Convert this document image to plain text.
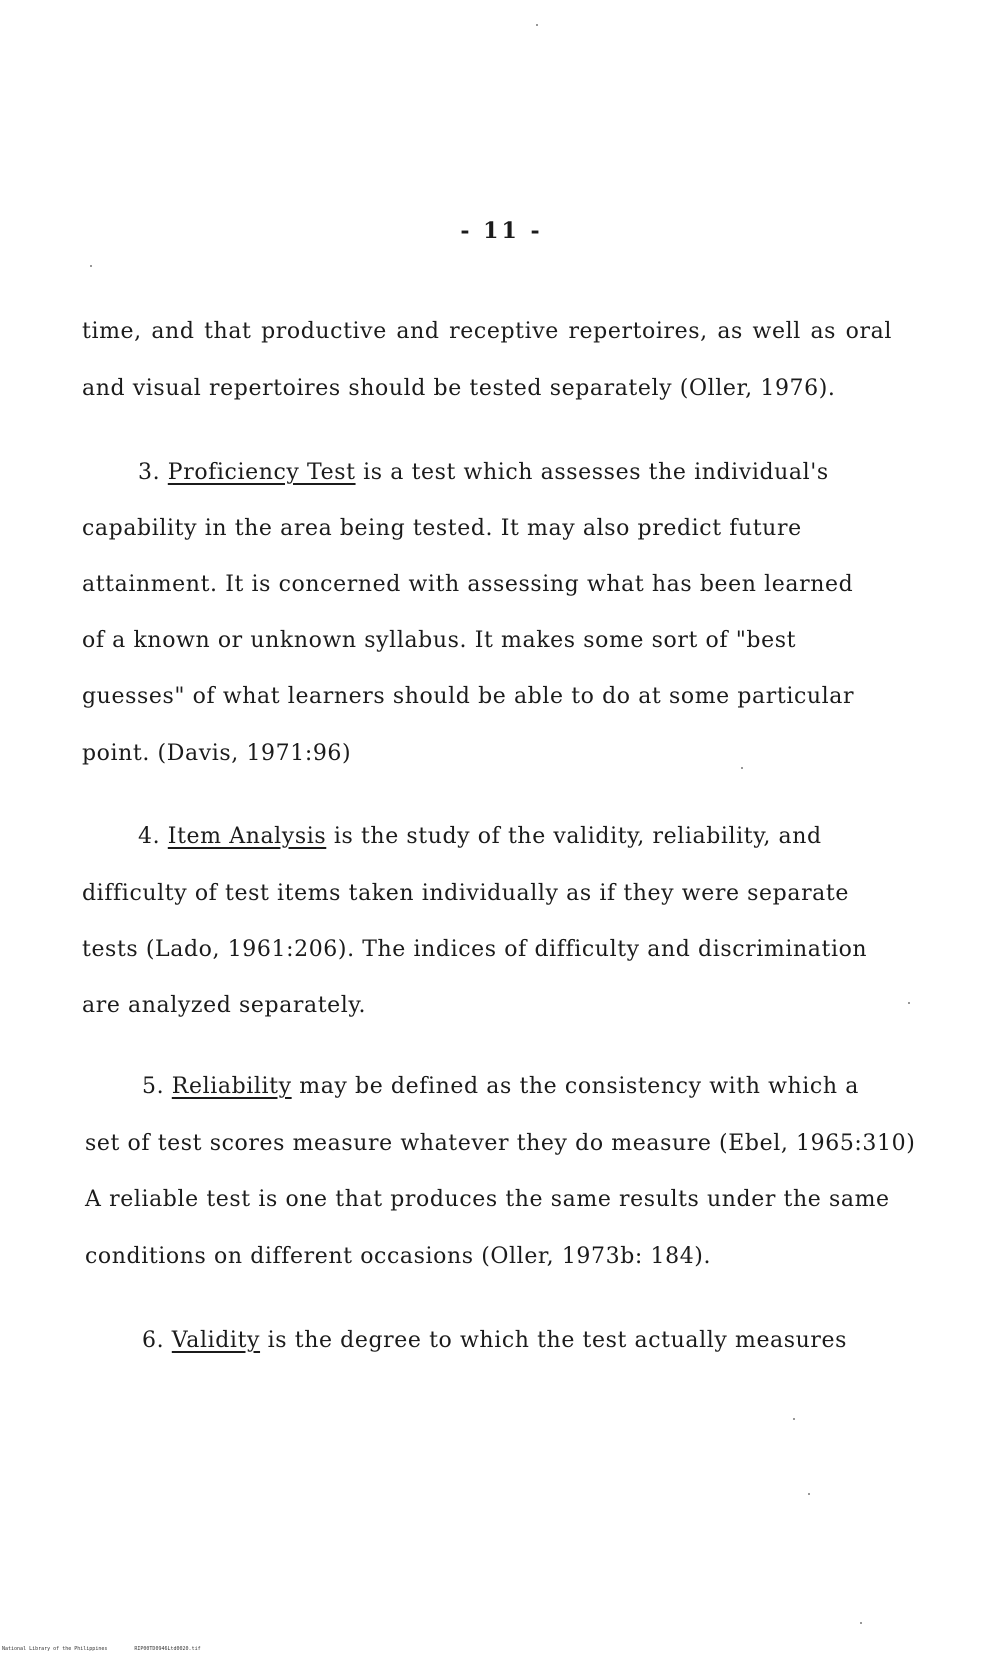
- 11 -
time, and that productive and receptive repertoires, as well as oral
and visual repertoires should be tested separately (Oller, 1976).
3. Proficiency Test is a test which assesses the individual's
capability in the area being tested. It may also predict future
attainment. It is concerned with assessing what has been learned
of a known or unknown syllabus. It makes some sort of "best
guesses" of what learners should be able to do at some particular
point. (Davis, 1971:96)
4. Item Analysis is the study of the validity, reliability, and
difficulty of test items taken individually as if they were separate
tests (Lado, 1961:206). The indices of difficulty and discrimination
are analyzed separately.
5. Reliability may be defined as the consistency with which a
set of test scores measure whatever they do measure (Ebel, 1965:310)
A reliable test is one that produces the same results under the same
conditions on different occasions (Oller, 1973b: 184).
6. Validity is the degree to which the test actually measures
National Library of the Philippines	RIP00TD0946Ltd0020.tif
